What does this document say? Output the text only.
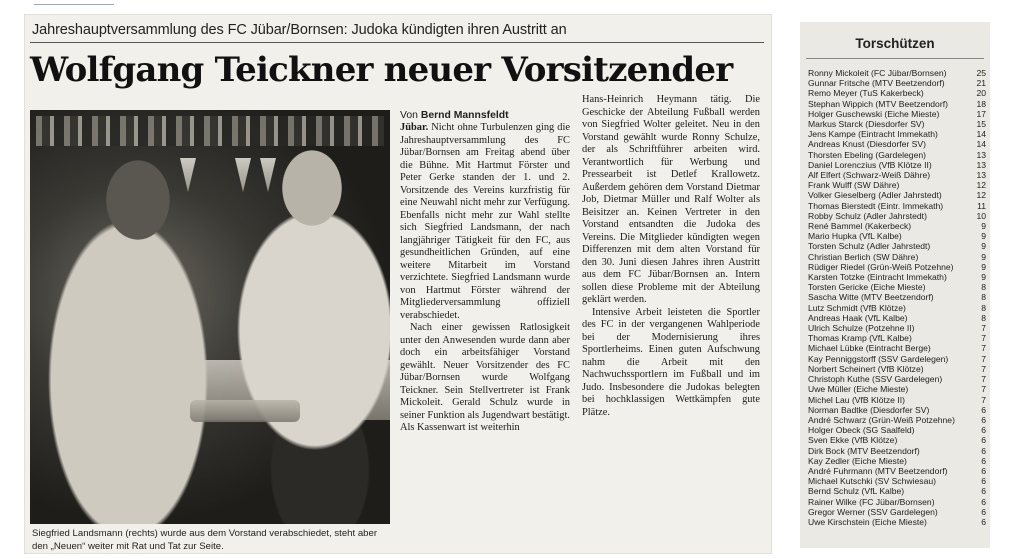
Jahreshauptversammlung des FC Jübar/Bornsen: Judoka kündigten ihren Austritt an
Wolfgang Teickner neuer Vorsitzender
Siegfried Landsmann (rechts) wurde aus dem Vorstand verabschiedet, steht aber den „Neuen“ weiter mit Rat und Tat zur Seite.
Von Bernd Mannsfeldt

Jübar. Nicht ohne Turbulenzen ging die Jahreshauptversammlung des FC Jübar/Bornsen am Freitag abend über die Bühne. Mit Hartmut Förster und Peter Gerke standen der 1. und 2. Vorsitzende des Vereins kurzfristig für eine Neuwahl nicht mehr zur Verfügung. Ebenfalls nicht mehr zur Wahl stellte sich Siegfried Landsmann, der nach langjähriger Tätigkeit für den FC, aus gesundheitlichen Gründen, auf eine weitere Mitarbeit im Vorstand verzichtete. Siegfried Landsmann wurde von Hartmut Förster während der Mitgliederversammlung offiziell verabschiedet.

Nach einer gewissen Ratlosigkeit unter den Anwesenden wurde dann aber doch ein arbeitsfähiger Vorstand gewählt. Neuer Vorsitzender des FC Jübar/Bornsen wurde Wolfgang Teickner. Sein Stellvertreter ist Frank Mickoleit. Gerald Schulz wurde in seiner Funktion als Jugendwart bestätigt. Als Kassenwart ist weiterhin

Hans-Heinrich Heymann tätig. Die Geschicke der Abteilung Fußball werden von Siegfried Wolter geleitet. Neu in den Vorstand gewählt wurde Ronny Schulze, der als Schriftführer arbeiten wird. Verantwortlich für Werbung und Pressearbeit ist Detlef Krallowetz. Außerdem gehören dem Vorstand Dietmar Job, Dietmar Müller und Ralf Wolter als Beisitzer an. Keinen Vertreter in den Vorstand entsandten die Judoka des Vereins. Die Mitglieder kündigten wegen Differenzen mit dem alten Vorstand für den 30. Juni diesen Jahres ihren Austritt aus dem FC Jübar/Bornsen an. Intern sollen diese Probleme mit der Abteilung geklärt werden.

Intensive Arbeit leisteten die Sportler des FC in der vergangenen Wahlperiode bei der Modernisierung ihres Sportlerheims. Einen guten Aufschwung nahm die Arbeit mit den Nachwuchssportlern im Fußball und im Judo. Insbesondere die Judokas belegten bei hochklassigen Wettkämpfen gute Plätze.

Torschützen
Ronny Mickoleit (FC Jübar/Bornsen)	25
Gunnar Fritsche (MTV Beetzendorf)	21
Remo Meyer (TuS Kakerbeck)	20
Stephan Wippich (MTV Beetzendorf)	18
Holger Guschewski (Eiche Mieste)	17
Markus Starck (Diesdorfer SV)	15
Jens Kampe (Eintracht Immekath)	14
Andreas Knust (Diesdorfer SV)	14
Thorsten Ebeling (Gardelegen)	13
Daniel Lorenczius (VfB Klötze II)	13
Alf Elfert (Schwarz-Weiß Dähre)	13
Frank Wulff (SW Dähre)	12
Volker Gieselberg (Adler Jahrstedt)	12
Thomas Bierstedt (Eintr. Immekath)	11
Robby Schulz (Adler Jahrstedt)	10
René Bammel (Kakerbeck)	9
Mario Hupka (VfL Kalbe)	9
Torsten Schulz (Adler Jahrstedt)	9
Christian Berlich (SW Dähre)	9
Rüdiger Riedel (Grün-Weiß Potzehne)	9
Karsten Totzke (Eintracht Immekath)	9
Torsten Gericke (Eiche Mieste)	8
Sascha Witte (MTV Beetzendorf)	8
Lutz Schmidt (VfB Klötze)	8
Andreas Haak (VfL Kalbe)	8
Ulrich Schulze (Potzehne II)	7
Thomas Kramp (VfL Kalbe)	7
Michael Lübke (Eintracht Berge)	7
Kay Penniggstorff (SSV Gardelegen)	7
Norbert Scheinert (VfB Klötze)	7
Christoph Kuthe (SSV Gardelegen)	7
Uwe Müller (Eiche Mieste)	7
Michel Lau (VfB Klötze II)	7
Norman Badtke (Diesdorfer SV)	6
André Schwarz (Grün-Weiß Potzehne)	6
Holger Obeck (SG Saalfeld)	6
Sven Ekke (VfB Klötze)	6
Dirk Bock (MTV Beetzendorf)	6
Kay Zedler (Eiche Mieste)	6
André Fuhrmann (MTV Beetzendorf)	6
Michael Kutschki (SV Schwiesau)	6
Bernd Schulz (VfL Kalbe)	6
Rainer Wilke (FC Jübar/Bornsen)	6
Gregor Werner (SSV Gardelegen)	6
Uwe Kirschstein (Eiche Mieste)	6
